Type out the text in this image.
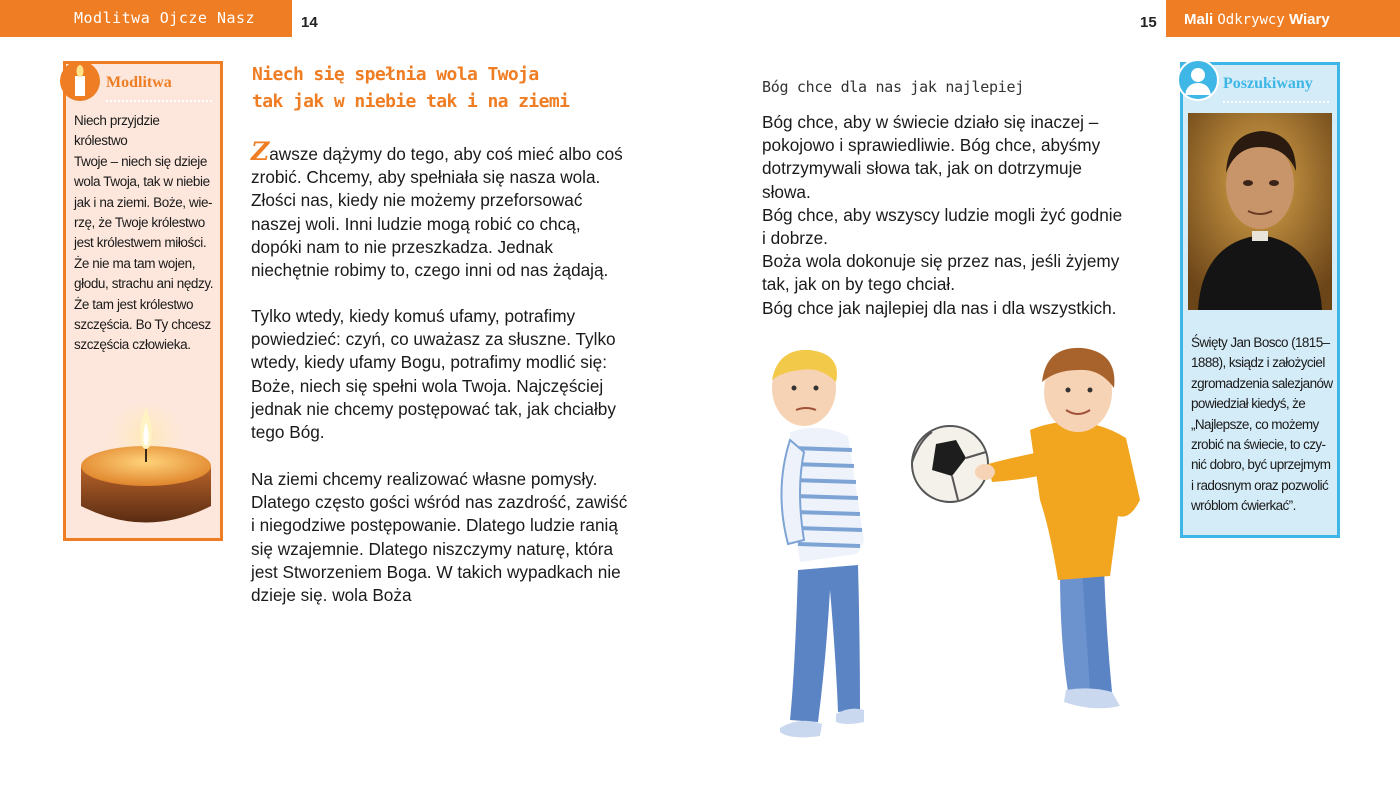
Modlitwa Ojcze Nasz	14	15 Mali Odkrywcy Wiary
Modlitwa
Niech przyjdzie królestwo
Twoje – niech się dzieje
wola Twoja, tak w niebie
jak i na ziemi. Boże, wie-
rzę, że Twoje królestwo
jest królestwem miłości.
Że nie ma tam wojen,
głodu, strachu ani nędzy.
Że tam jest królestwo
szczęścia. Bo Ty chcesz
szczęścia człowieka.
Niech się spełnia wola Twoja
tak jak w niebie tak i na ziemi
Zawsze dążymy do tego, aby coś mieć albo coś
zrobić. Chcemy, aby spełniała się nasza wola.
Złości nas, kiedy nie możemy przeforsować
naszej woli. Inni ludzie mogą robić co chcą,
dopóki nam to nie przeszkadza. Jednak
niechętnie robimy to, czego inni od nas żądają.
Tylko wtedy, kiedy komuś ufamy, potrafimy
powiedzieć: czyń, co uważasz za słuszne. Tylko
wtedy, kiedy ufamy Bogu, potrafimy modlić się:
Boże, niech się spełni wola Twoja. Najczęściej
jednak nie chcemy postępować tak, jak chciałby
tego Bóg.
Na ziemi chcemy realizować własne pomysły.
Dlatego często gości wśród nas zazdrość, zawiść
i niegodziwe postępowanie. Dlatego ludzie ranią
się wzajemnie. Dlatego niszczymy naturę, która
jest Stworzeniem Boga. W takich wypadkach nie
dzieje się. wola Boża
Bóg chce dla nas jak najlepiej
Bóg chce, aby w świecie działo się inaczej –
pokojowo i sprawiedliwie. Bóg chce, abyśmy
dotrzymywali słowa tak, jak on dotrzymuje
słowa.
Bóg chce, aby wszyscy ludzie mogli żyć godnie
i dobrze.
Boża wola dokonuje się przez nas, jeśli żyjemy
tak, jak on by tego chciał.
Bóg chce jak najlepiej dla nas i dla wszystkich.
Poszukiwany
Święty Jan Bosco (1815–
1888), ksiądz i założyciel
zgromadzenia salezjanów
powiedział kiedyś, że
„Najlepsze, co możemy
zrobić na świecie, to czy-
nić dobro, być uprzejmym
i radosnym oraz pozwolić
wróblom ćwierkać”.
